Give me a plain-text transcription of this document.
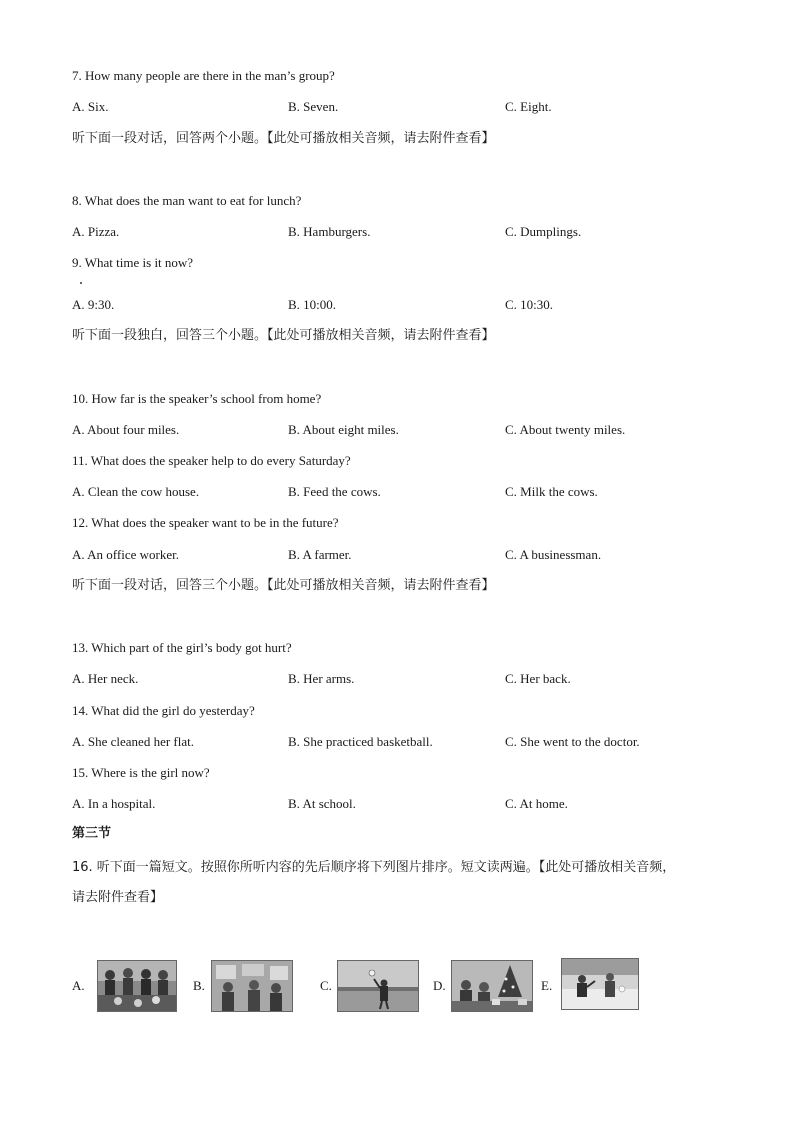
7. How many people are there in the man’s group?
A. Six.	B. Seven.	C. Eight.
听下面一段对话，回答两个小题。【此处可播放相关音频，请去附件查看】
8. What does the man want to eat for lunch?
A. Pizza.	B. Hamburgers.	C. Dumplings.
9. What time is it now?
A. 9:30.	B. 10:00.	C. 10:30.
听下面一段独白，回答三个小题。【此处可播放相关音频，请去附件查看】
10. How far is the speaker’s school from home?
A. About four miles.	B. About eight miles.	C. About twenty miles.
11. What does the speaker help to do every Saturday?
A. Clean the cow house.	B. Feed the cows.	C. Milk the cows.
12. What does the speaker want to be in the future?
A. An office worker.	B. A farmer.	C. A businessman.
听下面一段对话，回答三个小题。【此处可播放相关音频，请去附件查看】
13. Which part of the girl’s body got hurt?
A. Her neck.	B. Her arms.	C. Her back.
14. What did the girl do yesterday?
A. She cleaned her flat.	B. She practiced basketball.	C. She went to the doctor.
15. Where is the girl now?
A. In a hospital.	B. At school.	C. At home.
第三节
16. 听下面一篇短文。按照你所听内容的先后顺序将下列图片排序。短文读两遍。【此处可播放相关音频，
请去附件查看】
A.	B.	C.	D.	E.
